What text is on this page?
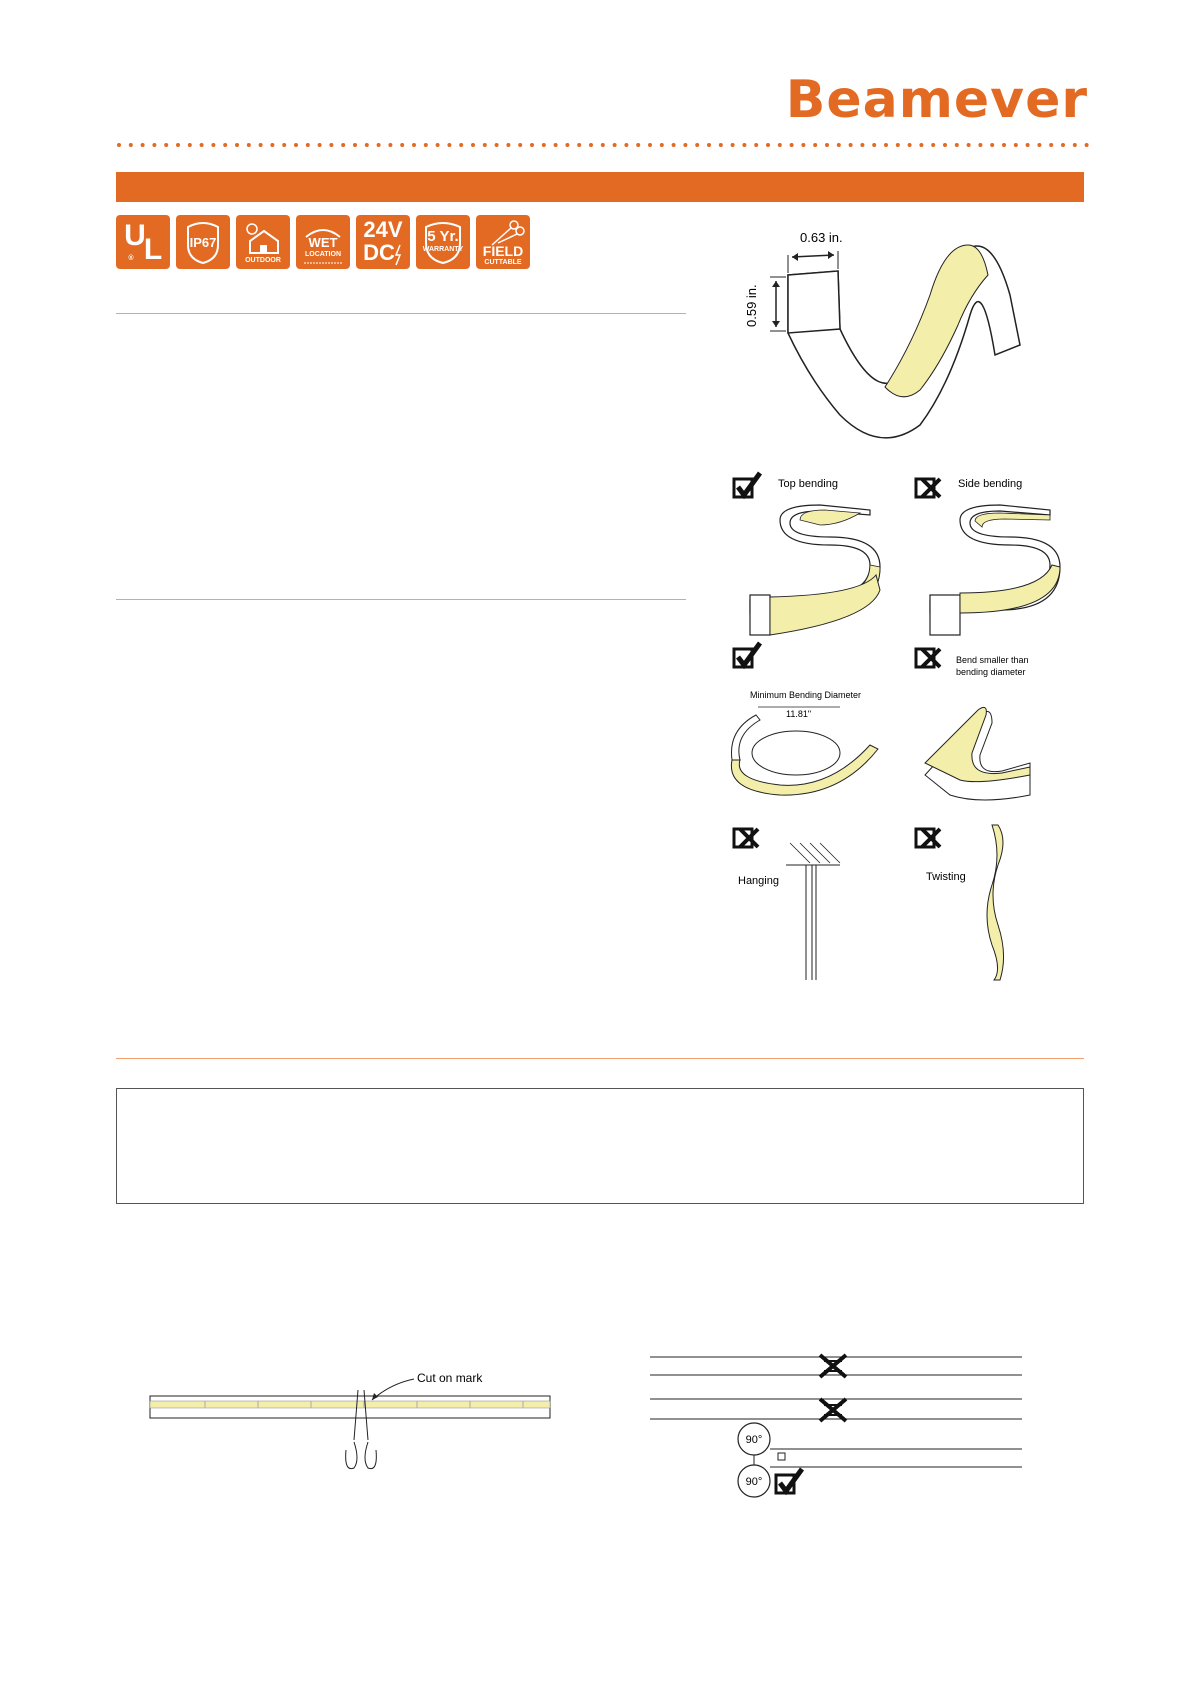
Beamever
U
L
®
IP67
OUTDOOR
WET
LOCATION
24V
DC
5 Yr.
WARRANTY	FIELD
CUTTABLE
0.63 in.
0.59 in.
Top bending	Side bending
Minimum Bending Diameter
11.81"
Bend smaller than
bending diameter
Hanging	Twisting
Cut on mark
90°
90°
